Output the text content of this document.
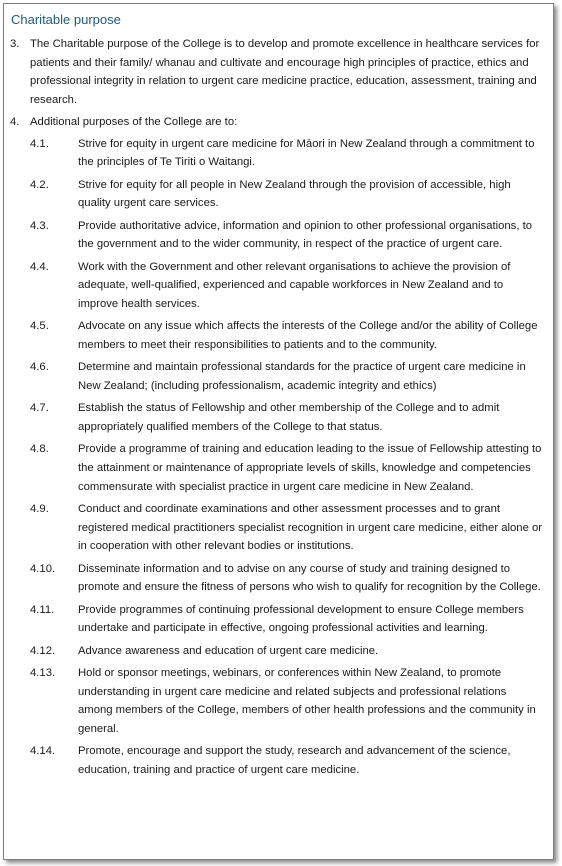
Charitable purpose
3. The Charitable purpose of the College is to develop and promote excellence in healthcare services for patients and their family/ whanau and cultivate and encourage high principles of practice, ethics and professional integrity in relation to urgent care medicine practice, education, assessment, training and research.
4. Additional purposes of the College are to:
4.1.	Strive for equity in urgent care medicine for Māori in New Zealand through a commitment to the principles of Te Tiriti o Waitangi.
4.2.	Strive for equity for all people in New Zealand through the provision of accessible, high quality urgent care services.
4.3.	Provide authoritative advice, information and opinion to other professional organisations, to the government and to the wider community, in respect of the practice of urgent care.
4.4.	Work with the Government and other relevant organisations to achieve the provision of adequate, well-qualified, experienced and capable workforces in New Zealand and to improve health services.
4.5.	Advocate on any issue which affects the interests of the College and/or the ability of College members to meet their responsibilities to patients and to the community.
4.6.	Determine and maintain professional standards for the practice of urgent care medicine in New Zealand; (including professionalism, academic integrity and ethics)
4.7.	Establish the status of Fellowship and other membership of the College and to admit appropriately qualified members of the College to that status.
4.8.	Provide a programme of training and education leading to the issue of Fellowship attesting to the attainment or maintenance of appropriate levels of skills, knowledge and competencies commensurate with specialist practice in urgent care medicine in New Zealand.
4.9.	Conduct and coordinate examinations and other assessment processes and to grant registered medical practitioners specialist recognition in urgent care medicine, either alone or in cooperation with other relevant bodies or institutions.
4.10.	Disseminate information and to advise on any course of study and training designed to promote and ensure the fitness of persons who wish to qualify for recognition by the College.
4.11.	Provide programmes of continuing professional development to ensure College members undertake and participate in effective, ongoing professional activities and learning.
4.12.	Advance awareness and education of urgent care medicine.
4.13.	Hold or sponsor meetings, webinars, or conferences within New Zealand, to promote understanding in urgent care medicine and related subjects and professional relations among members of the College, members of other health professions and the community in general.
4.14.	Promote, encourage and support the study, research and advancement of the science, education, training and practice of urgent care medicine.
